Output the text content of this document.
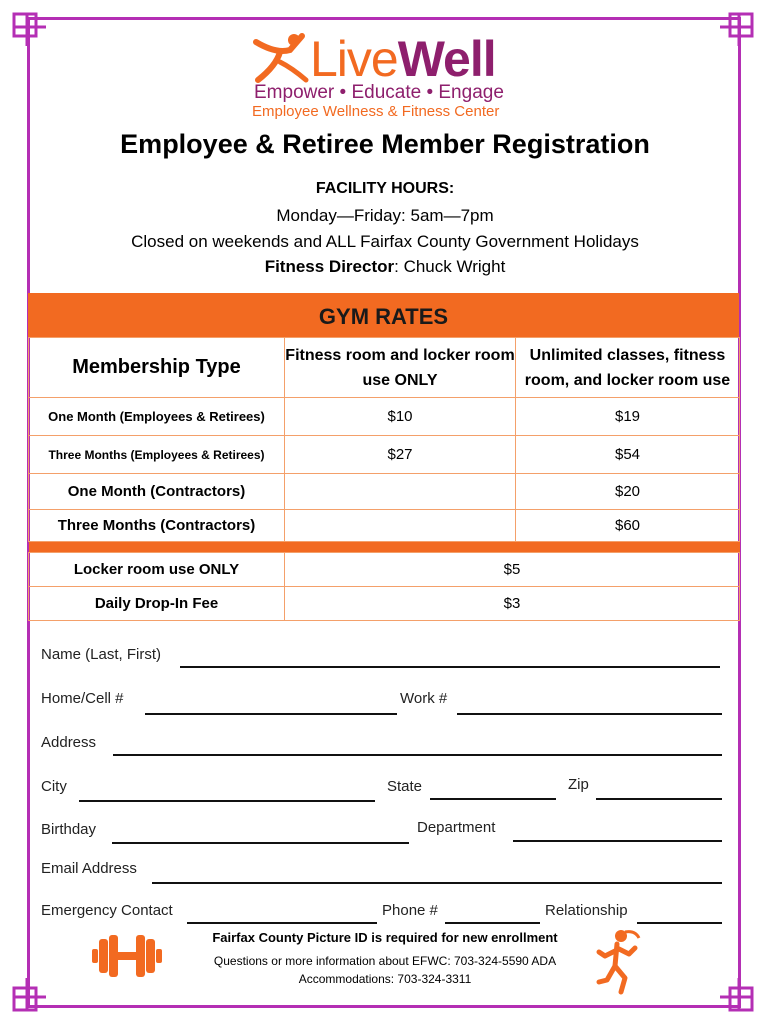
LiveWell
Empower • Educate • Engage
Employee Wellness & Fitness Center
Employee & Retiree Member Registration
FACILITY HOURS:
Monday—Friday: 5am—7pm
Closed on weekends and ALL Fairfax County Government Holidays
Fitness Director: Chuck Wright
GYM RATES
Membership Type	Fitness room and locker room use ONLY	Unlimited classes, fitness room, and locker room use
One Month (Employees & Retirees)	$10	$19
Three Months (Employees & Retirees)	$27	$54
One Month (Contractors)		$20
Three Months (Contractors)		$60

Locker room use ONLY	$5	
Daily Drop-In Fee	$3	
Name (Last, First)
Home/Cell #	Work #
Address
City	State	Zip
Birthday	Department
Email Address
Emergency Contact	Phone #	Relationship
Fairfax County Picture ID is required for new enrollment
Questions or more information about EFWC: 703-324-5590 ADA
Accommodations: 703-324-3311
